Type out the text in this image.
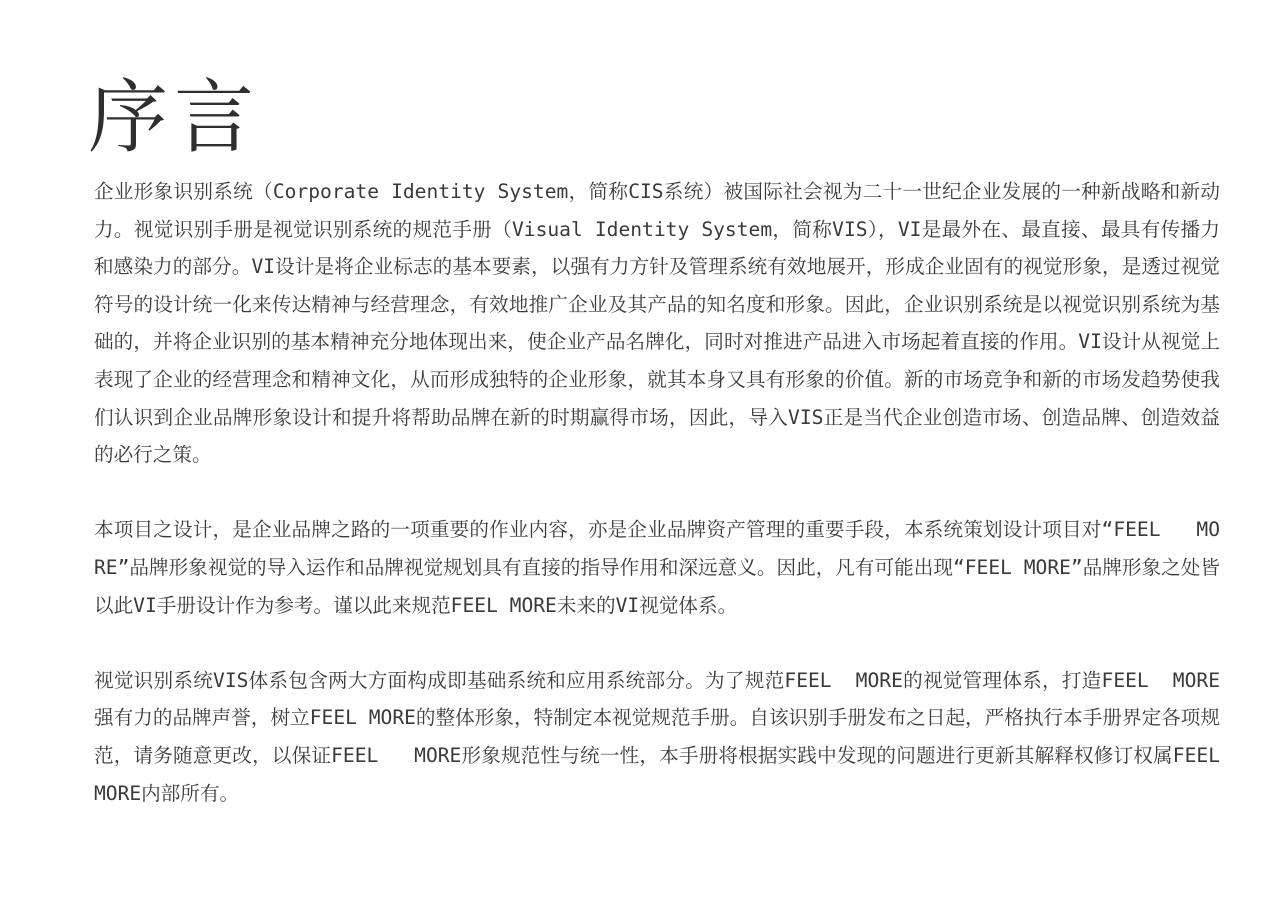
序言

企业形象识别系统（Corporate Identity System，简称CIS系统）被国际社会视为二十一世纪企业发展的一种新战略和新动力。视觉识别手册是视觉识别系统的规范手册（Visual Identity System，简称VIS），VI是最外在、最直接、最具有传播力和感染力的部分。VI设计是将企业标志的基本要素，以强有力方针及管理系统有效地展开，形成企业固有的视觉形象，是透过视觉符号的设计统一化来传达精神与经营理念，有效地推广企业及其产品的知名度和形象。因此，企业识别系统是以视觉识别系统为基础的，并将企业识别的基本精神充分地体现出来，使企业产品名牌化，同时对推进产品进入市场起着直接的作用。VI设计从视觉上表现了企业的经营理念和精神文化，从而形成独特的企业形象，就其本身又具有形象的价值。新的市场竞争和新的市场发趋势使我们认识到企业品牌形象设计和提升将帮助品牌在新的时期赢得市场，因此，导入VIS正是当代企业创造市场、创造品牌、创造效益的必行之策。

本项目之设计，是企业品牌之路的一项重要的作业内容，亦是企业品牌资产管理的重要手段，本系统策划设计项目对“FEEL   MORE”品牌形象视觉的导入运作和品牌视觉规划具有直接的指导作用和深远意义。因此，凡有可能出现“FEEL MORE”品牌形象之处皆以此VI手册设计作为参考。谨以此来规范FEEL MORE未来的VI视觉体系。

视觉识别系统VIS体系包含两大方面构成即基础系统和应用系统部分。为了规范FEEL  MORE的视觉管理体系，打造FEEL  MORE强有力的品牌声誉，树立FEEL MORE的整体形象，特制定本视觉规范手册。自该识别手册发布之日起，严格执行本手册界定各项规范，请务随意更改，以保证FEEL   MORE形象规范性与统一性，本手册将根据实践中发现的问题进行更新其解释权修订权属FEEL MORE内部所有。
